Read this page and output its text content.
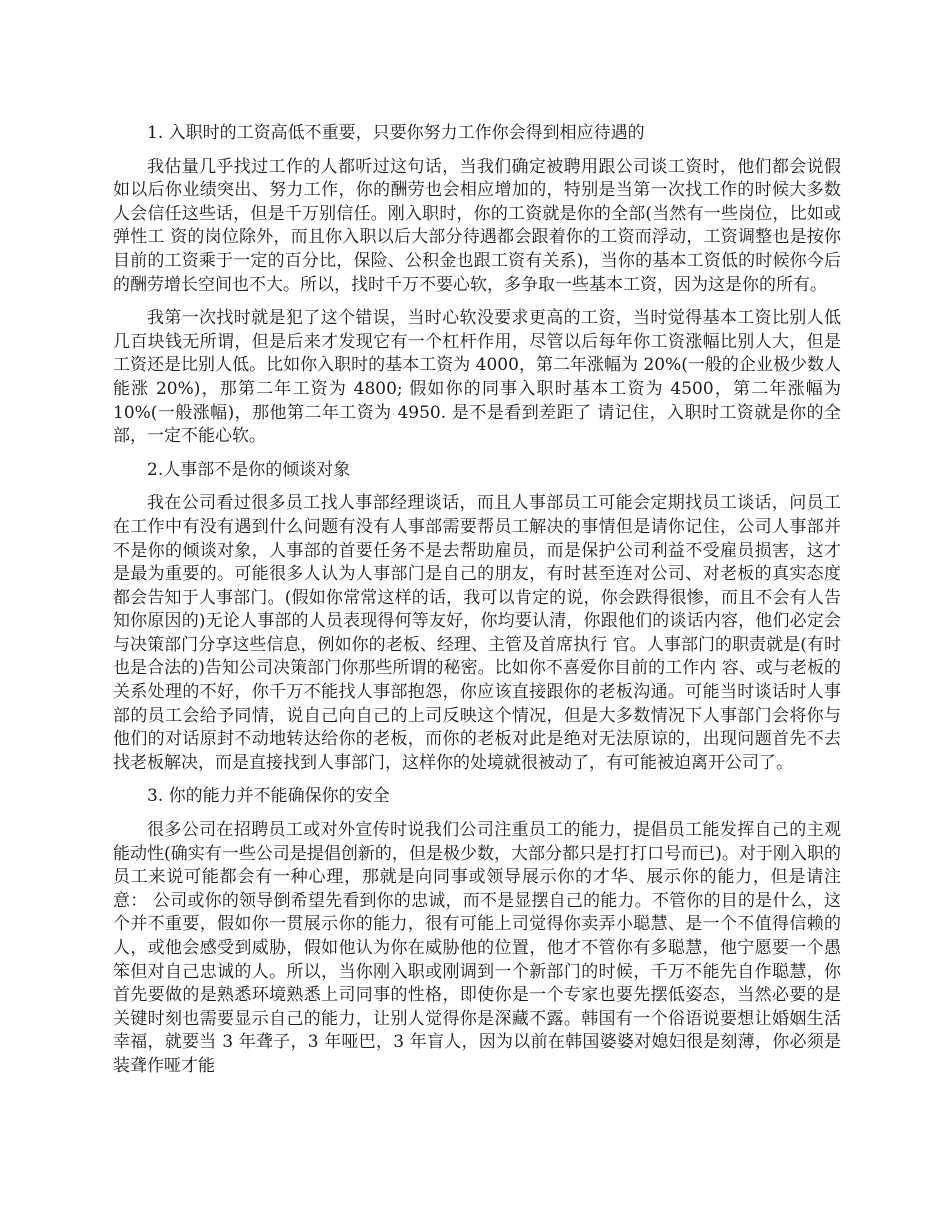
1. 入职时的工资高低不重要，只要你努力工作你会得到相应待遇的
我估量几乎找过工作的人都听过这句话，当我们确定被聘用跟公司谈工资时，他们都会说假如以后你业绩突出、努力工作，你的酬劳也会相应增加的，特别是当第一次找工作的时候大多数人会信任这些话，但是千万别信任。刚入职时，你的工资就是你的全部(当然有一些岗位，比如或弹性工 资的岗位除外，而且你入职以后大部分待遇都会跟着你的工资而浮动，工资调整也是按你目前的工资乘于一定的百分比，保险、公积金也跟工资有关系)，当你的基本工资低的时候你今后的酬劳增长空间也不大。所以，找时千万不要心软，多争取一些基本工资，因为这是你的所有。
我第一次找时就是犯了这个错误，当时心软没要求更高的工资，当时觉得基本工资比别人低几百块钱无所谓，但是后来才发现它有一个杠杆作用，尽管以后每年你工资涨幅比别人大，但是工资还是比别人低。比如你入职时的基本工资为 4000，第二年涨幅为 20%(一般的企业极少数人能涨 20%)，那第二年工资为 4800; 假如你的同事入职时基本工资为 4500，第二年涨幅为 10%(一般涨幅)，那他第二年工资为 4950. 是不是看到差距了 请记住，入职时工资就是你的全部，一定不能心软。
2.人事部不是你的倾谈对象
我在公司看过很多员工找人事部经理谈话，而且人事部员工可能会定期找员工谈话，问员工在工作中有没有遇到什么问题有没有人事部需要帮员工解决的事情但是请你记住，公司人事部并不是你的倾谈对象，人事部的首要任务不是去帮助雇员，而是保护公司利益不受雇员损害，这才是最为重要的。可能很多人认为人事部门是自己的朋友，有时甚至连对公司、对老板的真实态度都会告知于人事部门。(假如你常常这样的话，我可以肯定的说，你会跌得很惨，而且不会有人告知你原因的)无论人事部的人员表现得何等友好，你均要认清，你跟他们的谈话内容，他们必定会与决策部门分享这些信息，例如你的老板、经理、主管及首席执行 官。人事部门的职责就是(有时也是合法的)告知公司决策部门你那些所谓的秘密。比如你不喜爱你目前的工作内 容、或与老板的关系处理的不好，你千万不能找人事部抱怨，你应该直接跟你的老板沟通。可能当时谈话时人事部的员工会给予同情，说自己向自己的上司反映这个情况，但是大多数情况下人事部门会将你与他们的对话原封不动地转达给你的老板，而你的老板对此是绝对无法原谅的，出现问题首先不去找老板解决，而是直接找到人事部门，这样你的处境就很被动了，有可能被迫离开公司了。
3. 你的能力并不能确保你的安全
很多公司在招聘员工或对外宣传时说我们公司注重员工的能力，提倡员工能发挥自己的主观能动性(确实有一些公司是提倡创新的，但是极少数，大部分都只是打打口号而已)。对于刚入职的员工来说可能都会有一种心理，那就是向同事或领导展示你的才华、展示你的能力，但是请注意： 公司或你的领导倒希望先看到你的忠诚，而不是显摆自己的能力。不管你的目的是什么，这个并不重要，假如你一贯展示你的能力，很有可能上司觉得你卖弄小聪慧、是一个不值得信赖的人，或他会感受到威胁，假如他认为你在威胁他的位置，他才不管你有多聪慧，他宁愿要一个愚笨但对自己忠诚的人。所以，当你刚入职或刚调到一个新部门的时候，千万不能先自作聪慧，你首先要做的是熟悉环境熟悉上司同事的性格，即使你是一个专家也要先摆低姿态，当然必要的是关键时刻也需要显示自己的能力，让别人觉得你是深藏不露。韩国有一个俗语说要想让婚姻生活幸福，就要当 3 年聋子，3 年哑巴，3 年盲人，因为以前在韩国婆婆对媳妇很是刻薄，你必须是装聋作哑才能
